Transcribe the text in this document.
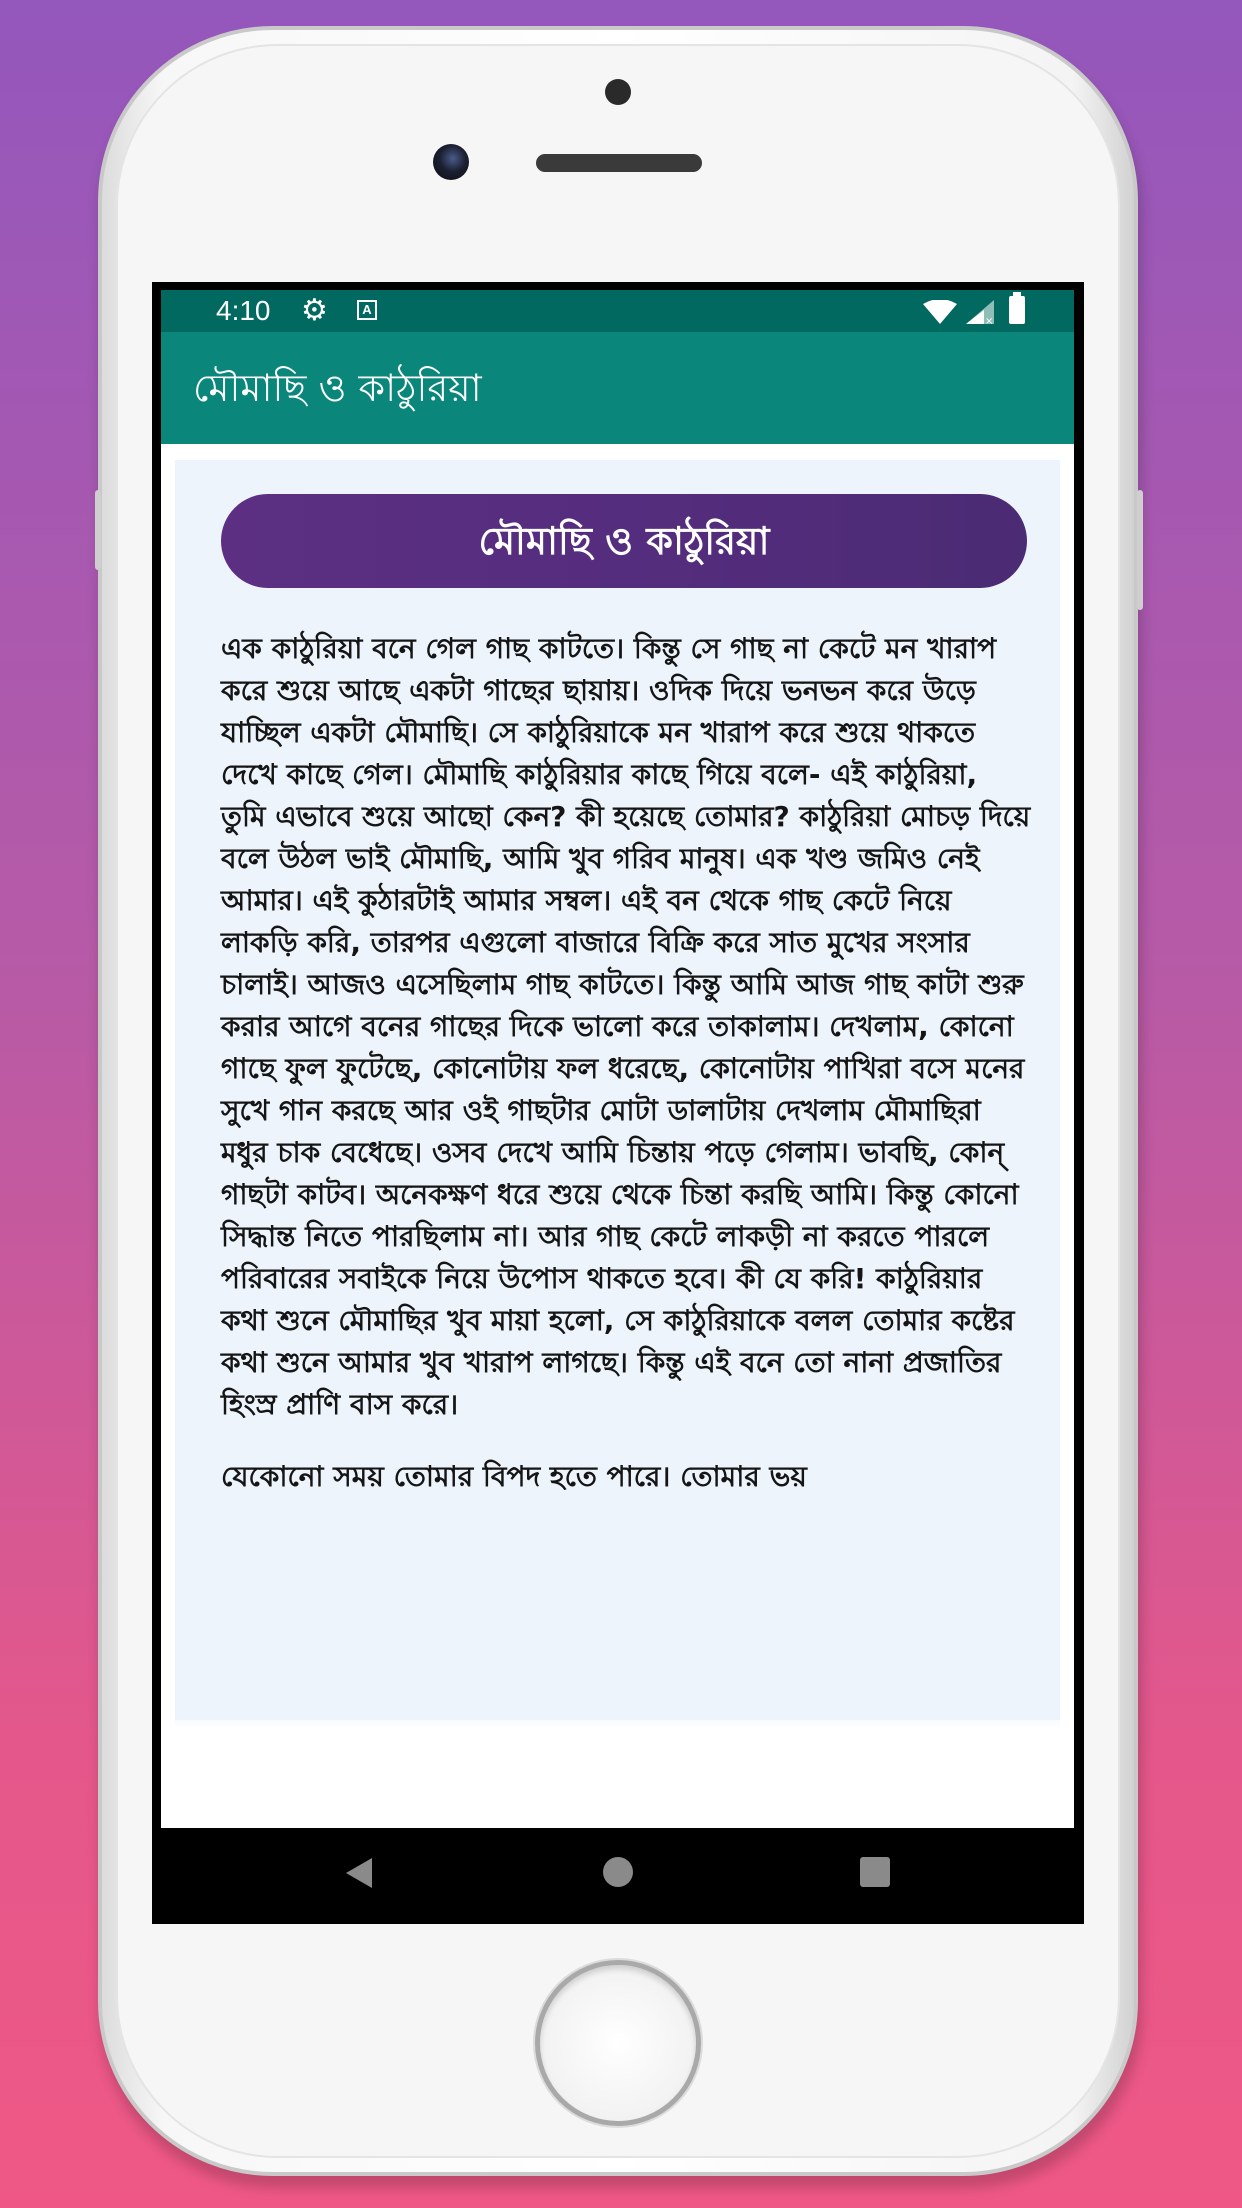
4:10 ⚙	A
×
মৌমাছি ও কাঠুরিয়া
মৌমাছি ও কাঠুরিয়া

এক কাঠুরিয়া বনে গেল গাছ কাটতে। কিন্তু সে গাছ না কেটে মন খারাপ করে শুয়ে আছে একটা গাছের ছায়ায়। ওদিক দিয়ে ভনভন করে উড়ে যাচ্ছিল একটা মৌমাছি। সে কাঠুরিয়াকে মন খারাপ করে শুয়ে থাকতে দেখে কাছে গেল। মৌমাছি কাঠুরিয়ার কাছে গিয়ে বলে- এই কাঠুরিয়া, তুমি এভাবে শুয়ে আছো কেন? কী হয়েছে তোমার? কাঠুরিয়া মোচড় দিয়ে বলে উঠল ভাই মৌমাছি, আমি খুব গরিব মানুষ। এক খণ্ড জমিও নেই আমার। এই কুঠারটাই আমার সম্বল। এই বন থেকে গাছ কেটে নিয়ে লাকড়ি করি, তারপর এগুলো বাজারে বিক্রি করে সাত মুখের সংসার চালাই। আজও এসেছিলাম গাছ কাটতে। কিন্তু আমি আজ গাছ কাটা শুরু করার আগে বনের গাছের দিকে ভালো করে তাকালাম। দেখলাম, কোনো গাছে ফুল ফুটেছে, কোনোটায় ফল ধরেছে, কোনোটায় পাখিরা বসে মনের সুখে গান করছে আর ওই গাছটার মোটা ডালাটায় দেখলাম মৌমাছিরা মধুর চাক বেধেছে। ওসব দেখে আমি চিন্তায় পড়ে গেলাম। ভাবছি, কোন্ গাছটা কাটব। অনেকক্ষণ ধরে শুয়ে থেকে চিন্তা করছি আমি। কিন্তু কোনো সিদ্ধান্ত নিতে পারছিলাম না। আর গাছ কেটে লাকড়ী না করতে পারলে পরিবারের সবাইকে নিয়ে উপোস থাকতে হবে। কী যে করি! কাঠুরিয়ার কথা শুনে মৌমাছির খুব মায়া হলো, সে কাঠুরিয়াকে বলল তোমার কষ্টের কথা শুনে আমার খুব খারাপ লাগছে। কিন্তু এই বনে তো নানা প্রজাতির হিংস্র প্রাণি বাস করে।

যেকোনো সময় তোমার বিপদ হতে পারে। তোমার ভয়
